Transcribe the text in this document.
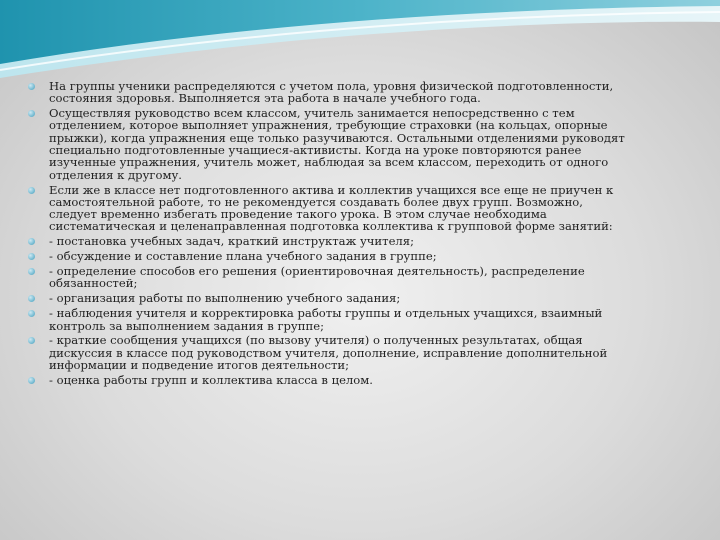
На группы ученики распределяются с учетом пола, уровня физической подготовленности, состояния здоровья. Выполняется эта работа в начале учебного года.
Осуществляя руководство всем классом, учитель занимается непосредственно с тем отделением, которое выполняет упражнения, требующие страховки (на кольцах, опорные прыжки), когда упражнения еще только разучиваются. Остальными отделениями руководят специально подготовленные учащиеся-активисты. Когда на уроке повторяются ранее изученные упражнения, учитель может, наблюдая за всем классом, переходить от одного отделения к другому.
Если же в классе нет подготовленного актива и коллектив учащихся все еще не приучен к самостоятельной работе, то не рекомендуется создавать более двух групп. Возможно, следует временно избегать проведение такого урока. В этом случае необходима систематическая и целенаправленная подготовка коллектива к групповой форме занятий:
- постановка учебных задач, краткий инструктаж учителя;
- обсуждение и составление плана учебного задания в группе;
- определение способов его решения (ориентировочная деятельность), распределение обязанностей;
- организация работы по выполнению учебного задания;
- наблюдения учителя и корректировка работы группы и отдельных учащихся, взаимный контроль за выполнением задания в группе;
- краткие сообщения учащихся (по вызову учителя) о полученных результатах, общая дискуссия в классе под руководством учителя, дополнение, исправление дополнительной информации и подведение итогов деятельности;
- оценка работы групп и коллектива класса в целом.
